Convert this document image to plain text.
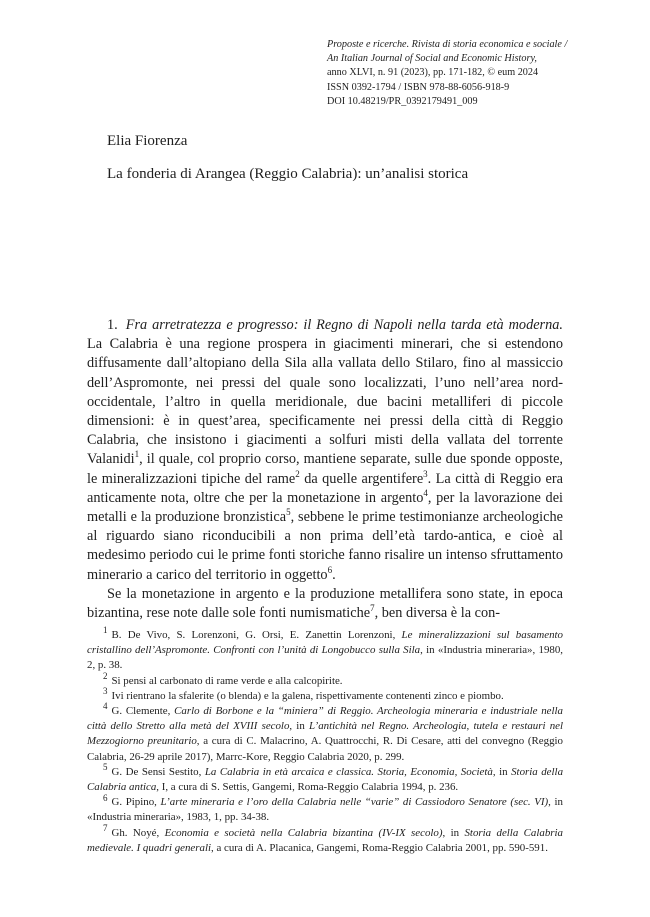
Proposte e ricerche. Rivista di storia economica e sociale /
An Italian Journal of Social and Economic History,
anno XLVI, n. 91 (2023), pp. 171-182, © eum 2024
ISSN 0392-1794 / ISBN 978-88-6056-918-9
DOI 10.48219/PR_0392179491_009
Elia Fiorenza
La fonderia di Arangea (Reggio Calabria): un’analisi storica

1. Fra arretratezza e progresso: il Regno di Napoli nella tarda età moderna. La Calabria è una regione prospera in giacimenti minerari, che si estendono diffusamente dall’altopiano della Sila alla vallata dello Stilaro, fino al massiccio dell’Aspromonte, nei pressi del quale sono localizzati, l’uno nell’area nord-occidentale, l’altro in quella meridionale, due bacini metalliferi di piccole dimensioni: è in quest’area, specificamente nei pressi della città di Reggio Calabria, che insistono i giacimenti a solfuri misti della vallata del torrente Valanidi$^1$, il quale, col proprio corso, mantiene separate, sulle due sponde opposte, le mineralizzazioni tipiche del rame$^2$ da quelle argentifere$^3$. La città di Reggio era anticamente nota, oltre che per la monetazione in argento$^4$, per la lavorazione dei metalli e la produzione bronzistica$^5$, sebbene le prime testimonianze archeologiche al riguardo siano riconducibili a non prima dell’età tardo-antica, e cioè al medesimo periodo cui le prime fonti storiche fanno risalire un intenso sfruttamento minerario a carico del territorio in oggetto$^6$.

Se la monetazione in argento e la produzione metallifera sono state, in epoca bizantina, rese note dalle sole fonti numismatiche$^7$, ben diversa è la con-

$^1$ B. De Vivo, S. Lorenzoni, G. Orsi, E. Zanettin Lorenzoni, Le mineralizzazioni sul basamento cristallino dell’Aspromonte. Confronti con l’unità di Longobucco sulla Sila, in «Industria mineraria», 1980, 2, p. 38.
$^2$ Si pensi al carbonato di rame verde e alla calcopirite.
$^3$ Ivi rientrano la sfalerite (o blenda) e la galena, rispettivamente contenenti zinco e piombo.
$^4$ G. Clemente, Carlo di Borbone e la “miniera” di Reggio. Archeologia mineraria e industriale nella città dello Stretto alla metà del XVIII secolo, in L’antichità nel Regno. Archeologia, tutela e restauri nel Mezzogiorno preunitario, a cura di C. Malacrino, A. Quattrocchi, R. Di Cesare, atti del convegno (Reggio Calabria, 26-29 aprile 2017), Marrc-Kore, Reggio Calabria 2020, p. 299.
$^5$ G. De Sensi Sestito, La Calabria in età arcaica e classica. Storia, Economia, Società, in Storia della Calabria antica, I, a cura di S. Settis, Gangemi, Roma-Reggio Calabria 1994, p. 236.
$^6$ G. Pipino, L’arte mineraria e l’oro della Calabria nelle “varie” di Cassiodoro Senatore (sec. VI), in «Industria mineraria», 1983, 1, pp. 34-38.
$^7$ Gh. Noyé, Economia e società nella Calabria bizantina (IV-IX secolo), in Storia della Calabria medievale. I quadri generali, a cura di A. Placanica, Gangemi, Roma-Reggio Calabria 2001, pp. 590-591.
